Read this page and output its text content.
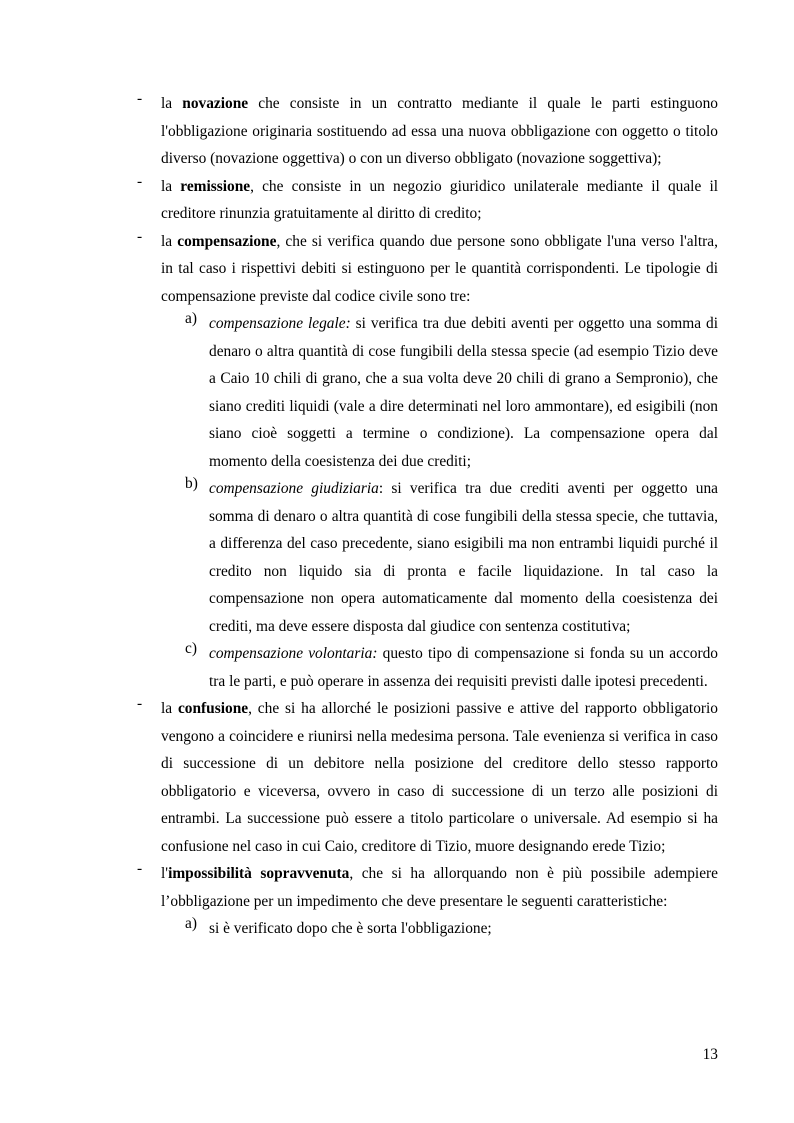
- la novazione che consiste in un contratto mediante il quale le parti estinguono l'obbligazione originaria sostituendo ad essa una nuova obbligazione con oggetto o titolo diverso (novazione oggettiva) o con un diverso obbligato (novazione soggettiva);
- la remissione, che consiste in un negozio giuridico unilaterale mediante il quale il creditore rinunzia gratuitamente al diritto di credito;
- la compensazione, che si verifica quando due persone sono obbligate l'una verso l'altra, in tal caso i rispettivi debiti si estinguono per le quantità corrispondenti. Le tipologie di compensazione previste dal codice civile sono tre:
a) compensazione legale: si verifica tra due debiti aventi per oggetto una somma di denaro o altra quantità di cose fungibili della stessa specie (ad esempio Tizio deve a Caio 10 chili di grano, che a sua volta deve 20 chili di grano a Sempronio), che siano crediti liquidi (vale a dire determinati nel loro ammontare), ed esigibili (non siano cioè soggetti a termine o condizione). La compensazione opera dal momento della coesistenza dei due crediti;
b) compensazione giudiziaria: si verifica tra due crediti aventi per oggetto una somma di denaro o altra quantità di cose fungibili della stessa specie, che tuttavia, a differenza del caso precedente, siano esigibili ma non entrambi liquidi purché il credito non liquido sia di pronta e facile liquidazione. In tal caso la compensazione non opera automaticamente dal momento della coesistenza dei crediti, ma deve essere disposta dal giudice con sentenza costitutiva;
c) compensazione volontaria: questo tipo di compensazione si fonda su un accordo tra le parti, e può operare in assenza dei requisiti previsti dalle ipotesi precedenti.
- la confusione, che si ha allorché le posizioni passive e attive del rapporto obbligatorio vengono a coincidere e riunirsi nella medesima persona. Tale evenienza si verifica in caso di successione di un debitore nella posizione del creditore dello stesso rapporto obbligatorio e viceversa, ovvero in caso di successione di un terzo alle posizioni di entrambi. La successione può essere a titolo particolare o universale. Ad esempio si ha confusione nel caso in cui Caio, creditore di Tizio, muore designando erede Tizio;
- l'impossibilità sopravvenuta, che si ha allorquando non è più possibile adempiere l’obbligazione per un impedimento che deve presentare le seguenti caratteristiche:
a) si è verificato dopo che è sorta l'obbligazione;
13
